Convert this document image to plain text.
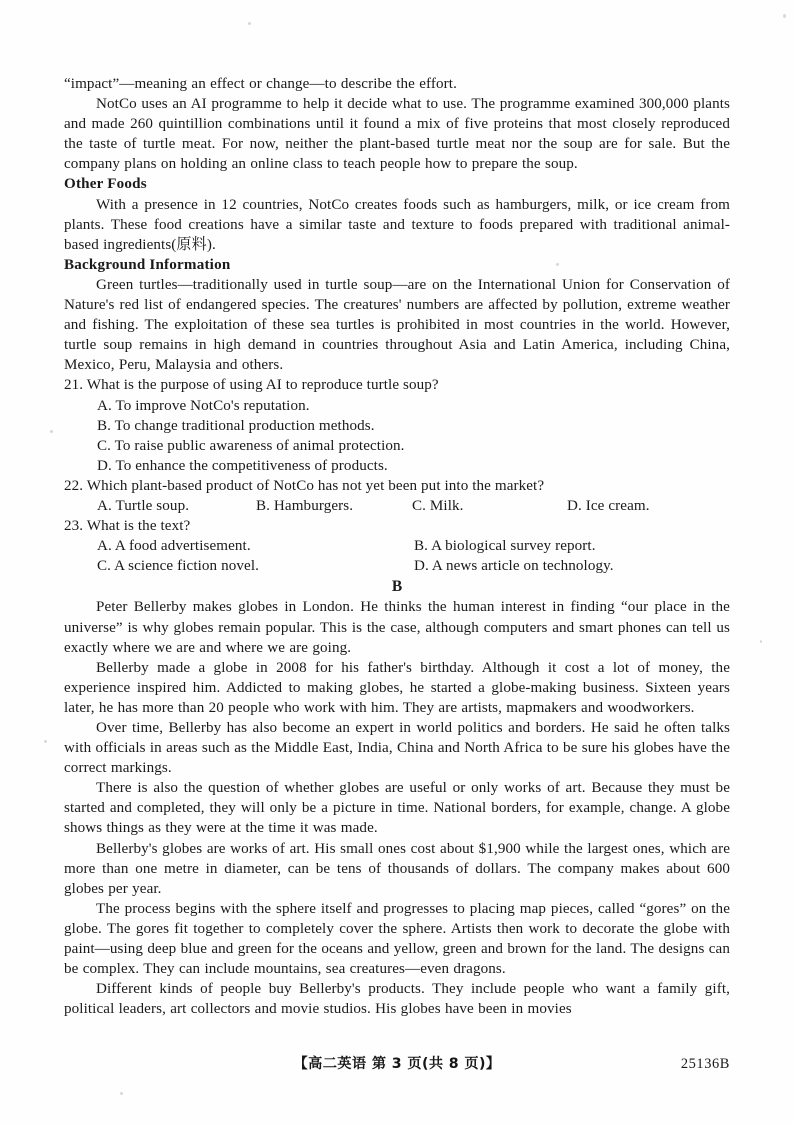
“impact”—meaning an effect or change—to describe the effort.

NotCo uses an AI programme to help it decide what to use. The programme examined 300,000 plants and made 260 quintillion combinations until it found a mix of five proteins that most closely reproduced the taste of turtle meat. For now, neither the plant-based turtle meat nor the soup are for sale. But the company plans on holding an online class to teach people how to prepare the soup.

Other Foods

With a presence in 12 countries, NotCo creates foods such as hamburgers, milk, or ice cream from plants. These food creations have a similar taste and texture to foods prepared with traditional animal-based ingredients(原料).

Background Information

Green turtles—traditionally used in turtle soup—are on the International Union for Conservation of Nature's red list of endangered species. The creatures' numbers are affected by pollution, extreme weather and fishing. The exploitation of these sea turtles is prohibited in most countries in the world. However, turtle soup remains in high demand in countries throughout Asia and Latin America, including China, Mexico, Peru, Malaysia and others.

21. What is the purpose of using AI to reproduce turtle soup?

A. To improve NotCo's reputation.

B. To change traditional production methods.

C. To raise public awareness of animal protection.

D. To enhance the competitiveness of products.

22. Which plant-based product of NotCo has not yet been put into the market?

A. Turtle soup.	B. Hamburgers.	C. Milk.	D. Ice cream.

23. What is the text?

A. A food advertisement.	B. A biological survey report.
C. A science fiction novel.	D. A news article on technology.

B

Peter Bellerby makes globes in London. He thinks the human interest in finding “our place in the universe” is why globes remain popular. This is the case, although computers and smart phones can tell us exactly where we are and where we are going.

Bellerby made a globe in 2008 for his father's birthday. Although it cost a lot of money, the experience inspired him. Addicted to making globes, he started a globe-making business. Sixteen years later, he has more than 20 people who work with him. They are artists, mapmakers and woodworkers.

Over time, Bellerby has also become an expert in world politics and borders. He said he often talks with officials in areas such as the Middle East, India, China and North Africa to be sure his globes have the correct markings.

There is also the question of whether globes are useful or only works of art. Because they must be started and completed, they will only be a picture in time. National borders, for example, change. A globe shows things as they were at the time it was made.

Bellerby's globes are works of art. His small ones cost about $1,900 while the largest ones, which are more than one metre in diameter, can be tens of thousands of dollars. The company makes about 600 globes per year.

The process begins with the sphere itself and progresses to placing map pieces, called “gores” on the globe. The gores fit together to completely cover the sphere. Artists then work to decorate the globe with paint—using deep blue and green for the oceans and yellow, green and brown for the land. The designs can be complex. They can include mountains, sea creatures—even dragons.

Different kinds of people buy Bellerby's products. They include people who want a family gift, political leaders, art collectors and movie studios. His globes have been in movies

【高二英语 第 3 页(共 8 页)】	25136B
